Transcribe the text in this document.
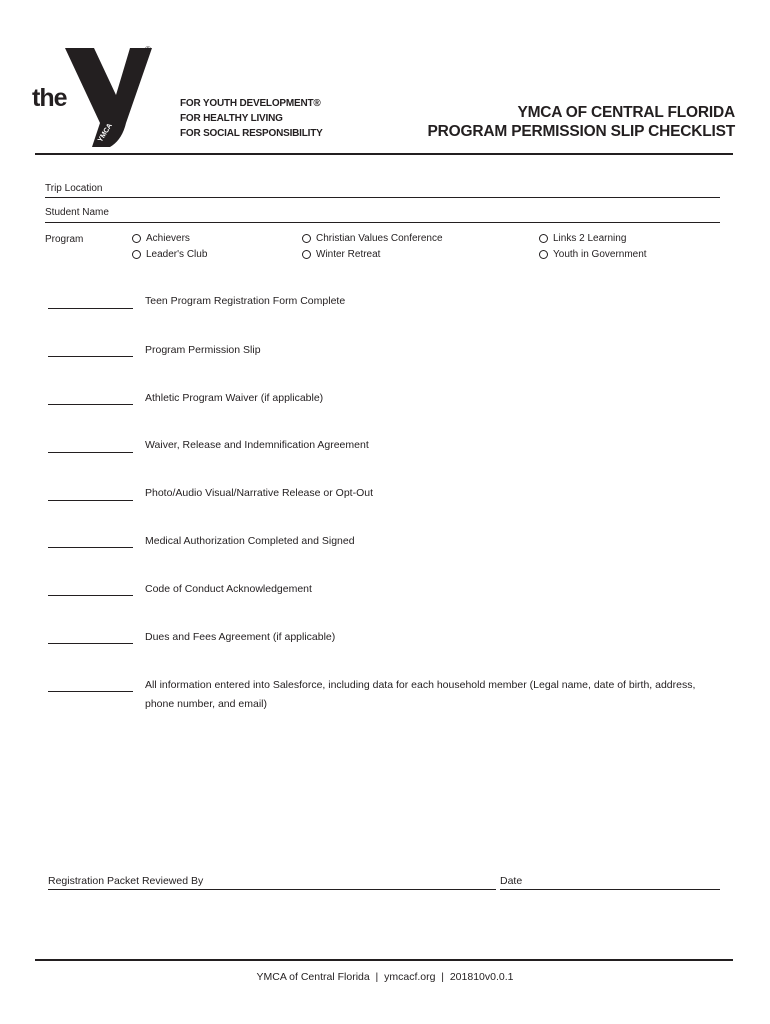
YMCA
the
®
FOR YOUTH DEVELOPMENT®
FOR HEALTHY LIVING
FOR SOCIAL RESPONSIBILITY
YMCA OF CENTRAL FLORIDA
PROGRAM PERMISSION SLIP CHECKLIST
Trip Location
Student Name
Program	Achievers
Leader's Club
Christian Values Conference
Winter Retreat
Links 2 Learning
Youth in Government
Teen Program Registration Form Complete
Program Permission Slip
Athletic Program Waiver (if applicable)
Waiver, Release and Indemnification Agreement
Photo/Audio Visual/Narrative Release or Opt-Out
Medical Authorization Completed and Signed
Code of Conduct Acknowledgement
Dues and Fees Agreement (if applicable)
All information entered into Salesforce, including data for each household member (Legal name, date of birth, address, phone number, and email)
Registration Packet Reviewed By	Date
YMCA of Central Florida  |  ymcacf.org  |  201810v0.0.1
